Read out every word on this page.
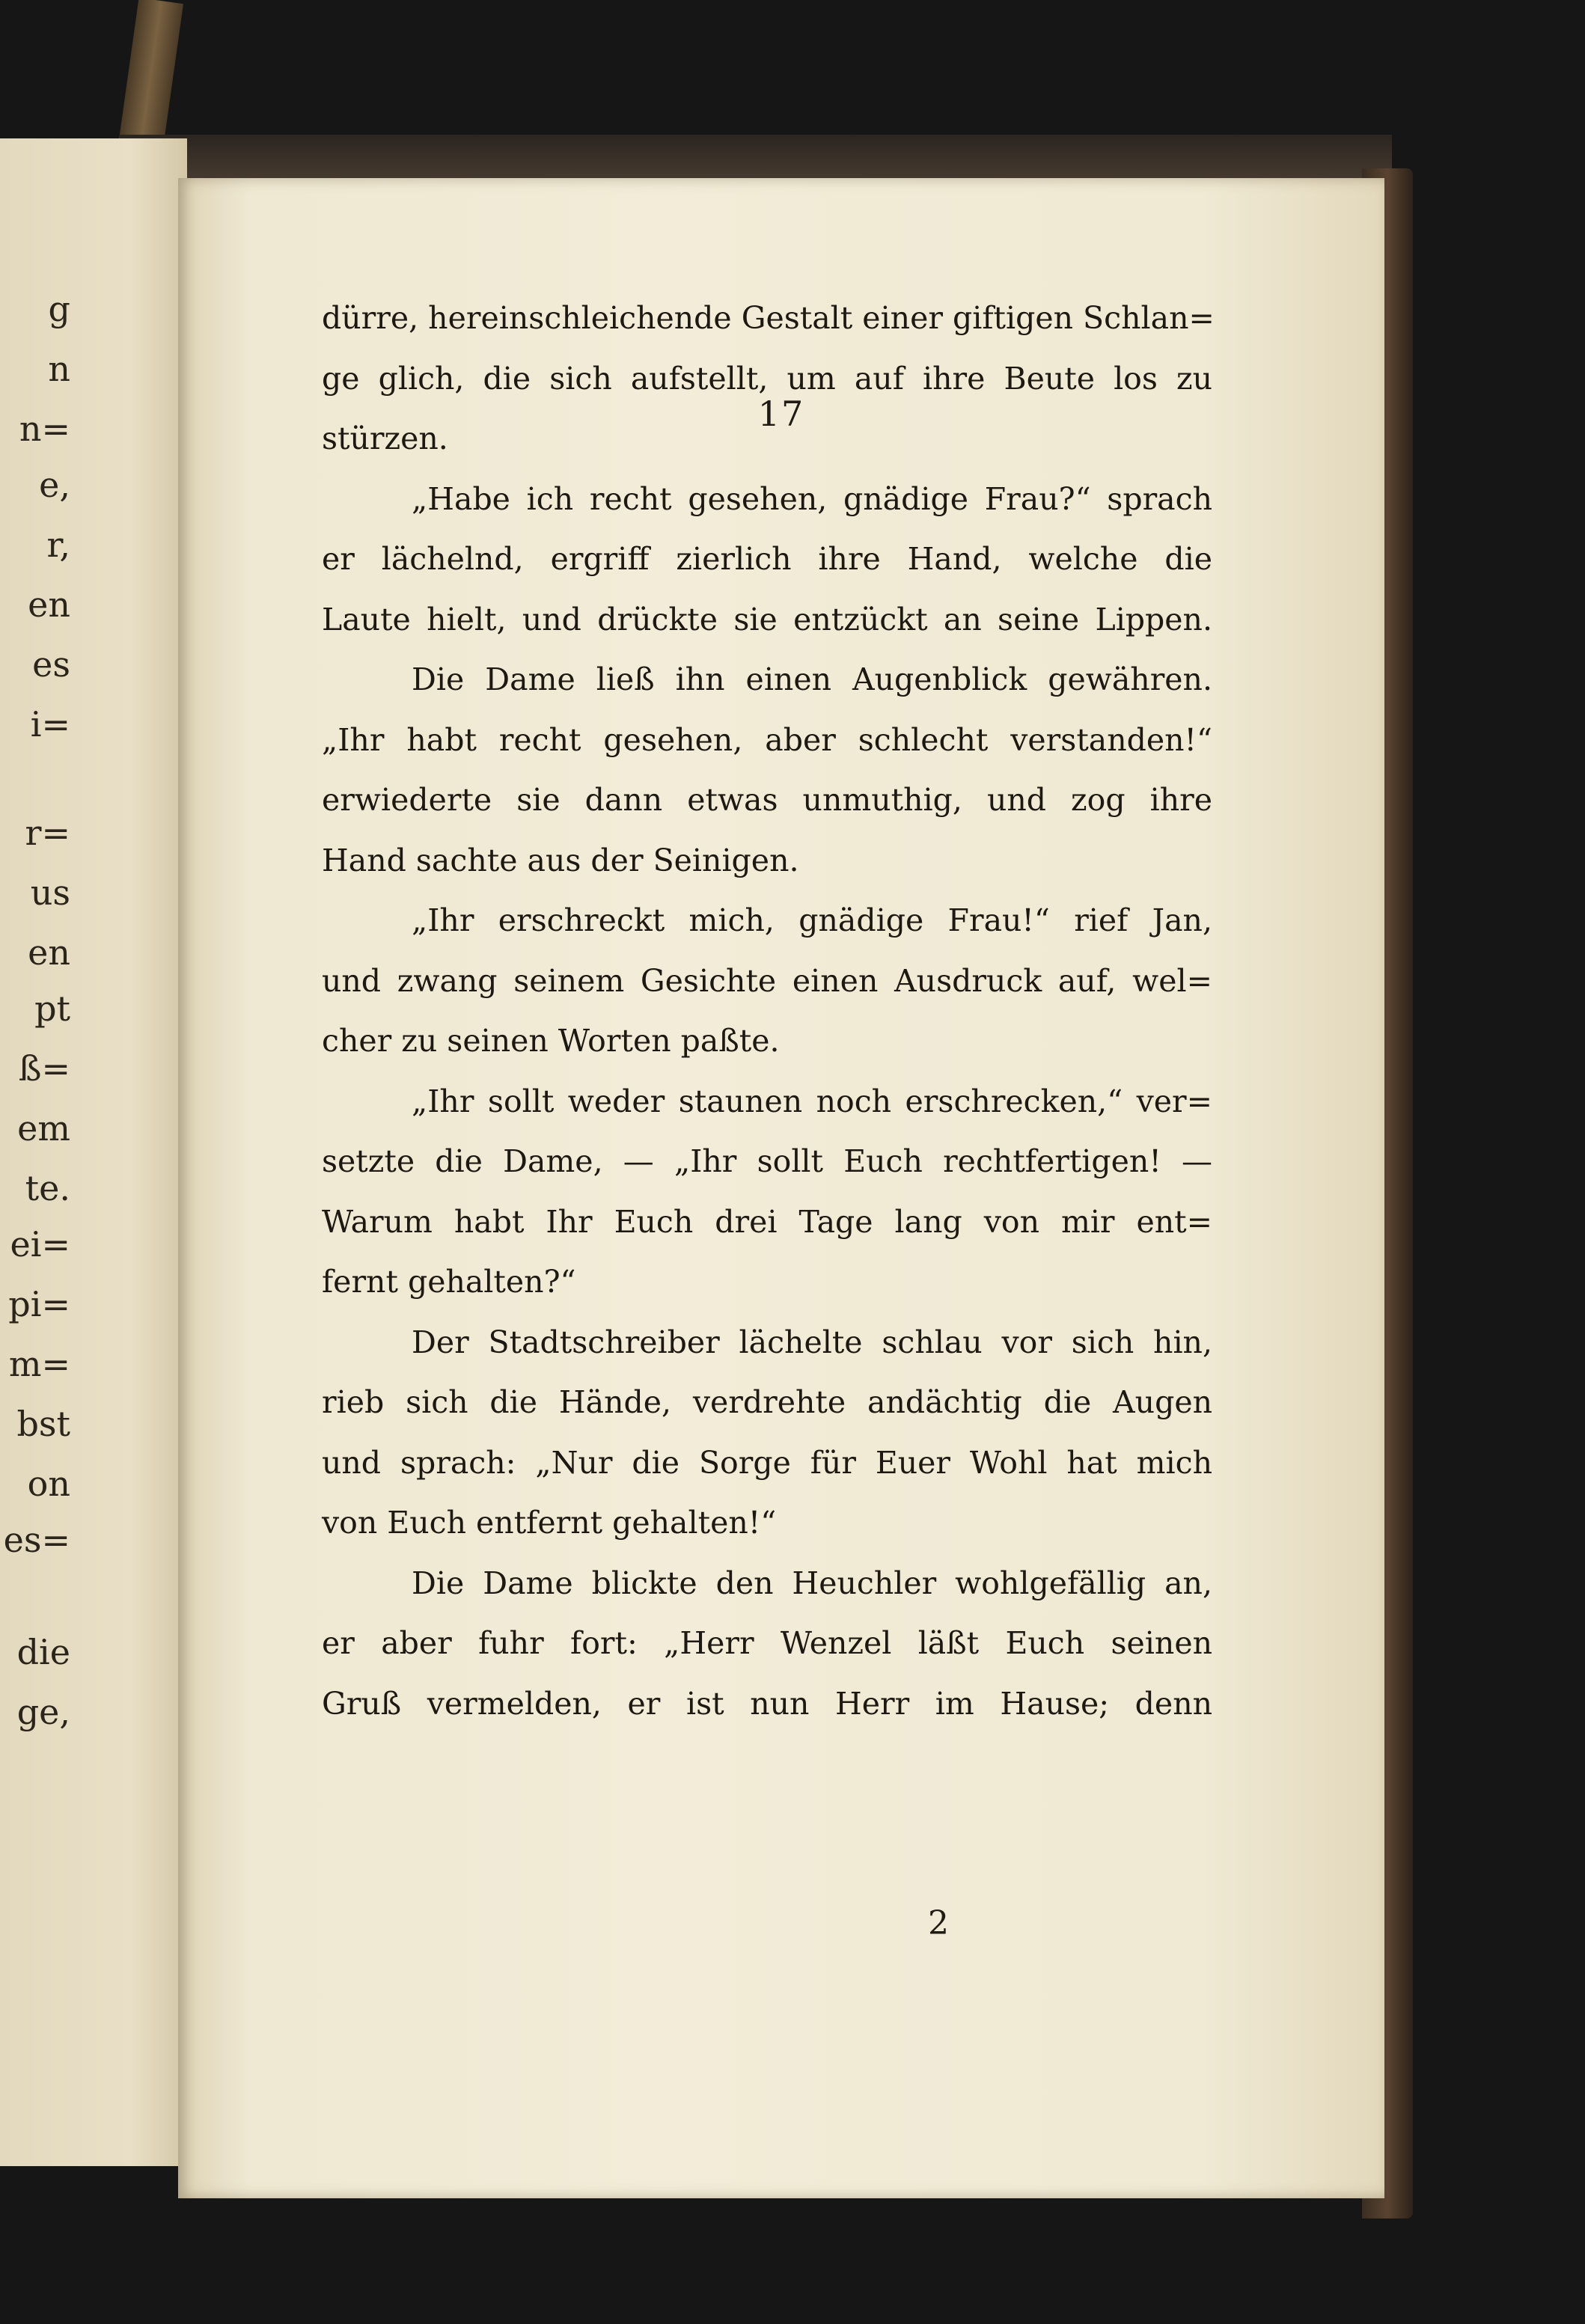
g
n
n=
e,
r,
en
es
i=
r=
us
en
pt
ß=
em
te.
ei=
pi=
m=
bst
on
es=
die
ge,
17
dürre, hereinschleichende Gestalt einer giftigen Schlan=
ge glich, die sich aufstellt, um auf ihre Beute los zu
stürzen.
„Habe ich recht gesehen, gnädige Frau?“ sprach
er lächelnd, ergriff zierlich ihre Hand, welche die
Laute hielt, und drückte sie entzückt an seine Lippen.
Die Dame ließ ihn einen Augenblick gewähren.
„Ihr habt recht gesehen, aber schlecht verstanden!“
erwiederte sie dann etwas unmuthig, und zog ihre
Hand sachte aus der Seinigen.
„Ihr erschreckt mich, gnädige Frau!“ rief Jan,
und zwang seinem Gesichte einen Ausdruck auf, wel=
cher zu seinen Worten paßte.
„Ihr sollt weder staunen noch erschrecken,“ ver=
setzte die Dame, — „Ihr sollt Euch rechtfertigen! —
Warum habt Ihr Euch drei Tage lang von mir ent=
fernt gehalten?“
Der Stadtschreiber lächelte schlau vor sich hin,
rieb sich die Hände, verdrehte andächtig die Augen
und sprach: „Nur die Sorge für Euer Wohl hat mich
von Euch entfernt gehalten!“
Die Dame blickte den Heuchler wohlgefällig an,
er aber fuhr fort: „Herr Wenzel läßt Euch seinen
Gruß vermelden, er ist nun Herr im Hause; denn
2
